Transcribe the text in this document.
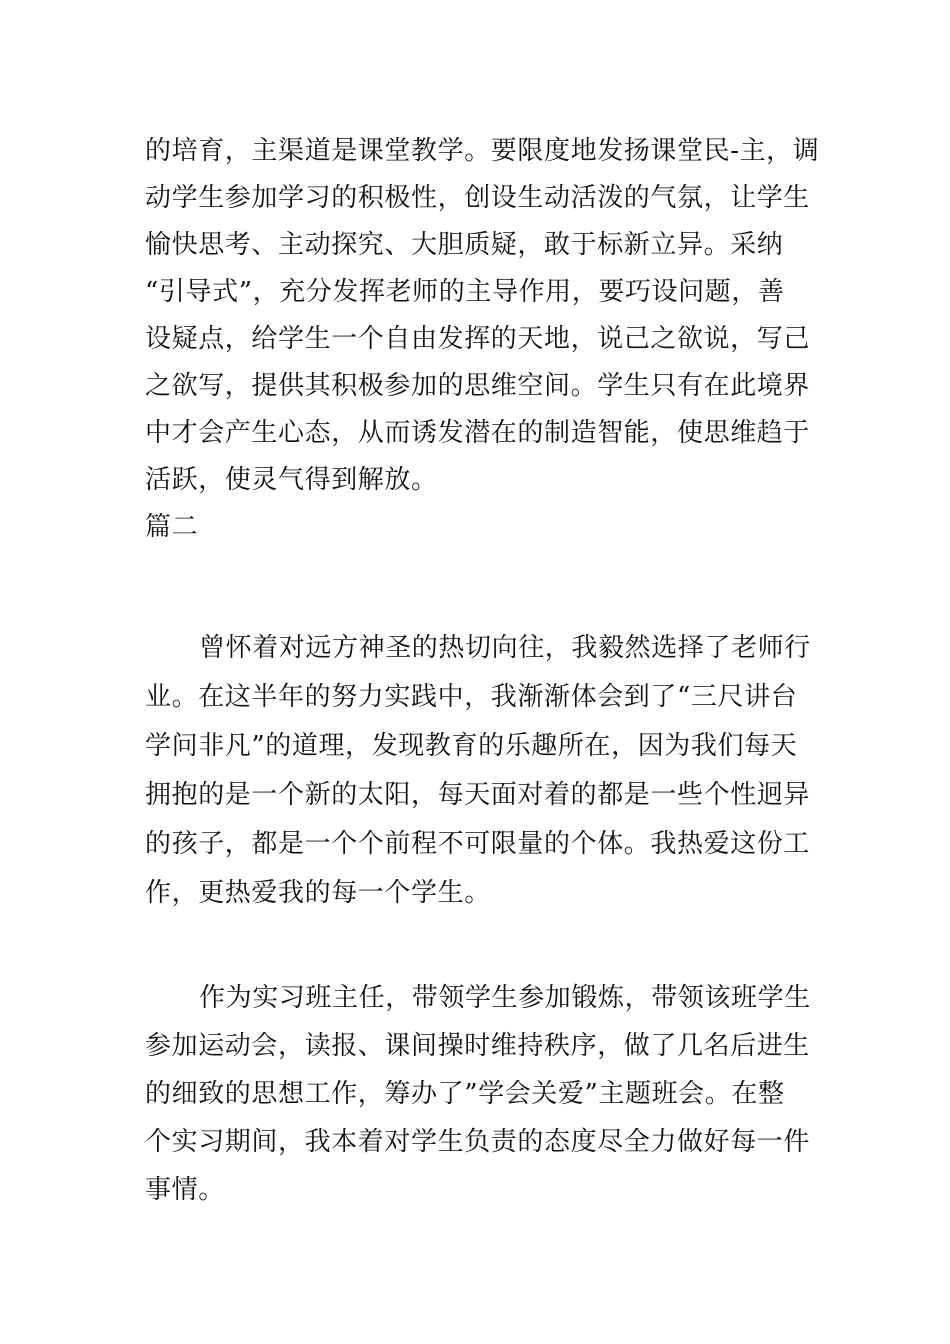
的培育，主渠道是课堂教学。要限度地发扬课堂民-主，调
动学生参加学习的积极性，创设生动活泼的气氛，让学生
愉快思考、主动探究、大胆质疑，敢于标新立异。采纳
“引导式”，充分发挥老师的主导作用，要巧设问题，善
设疑点，给学生一个自由发挥的天地，说己之欲说，写己
之欲写，提供其积极参加的思维空间。学生只有在此境界
中才会产生心态，从而诱发潜在的制造智能，使思维趋于
活跃，使灵气得到解放。
篇二
曾怀着对远方神圣的热切向往，我毅然选择了老师行
业。在这半年的努力实践中，我渐渐体会到了“三尺讲台
学问非凡”的道理，发现教育的乐趣所在，因为我们每天
拥抱的是一个新的太阳，每天面对着的都是一些个性迥异
的孩子，都是一个个前程不可限量的个体。我热爱这份工
作，更热爱我的每一个学生。
作为实习班主任，带领学生参加锻炼，带领该班学生
参加运动会，读报、课间操时维持秩序，做了几名后进生
的细致的思想工作，筹办了”学会关爱”主题班会。在整
个实习期间，我本着对学生负责的态度尽全力做好每一件
事情。
